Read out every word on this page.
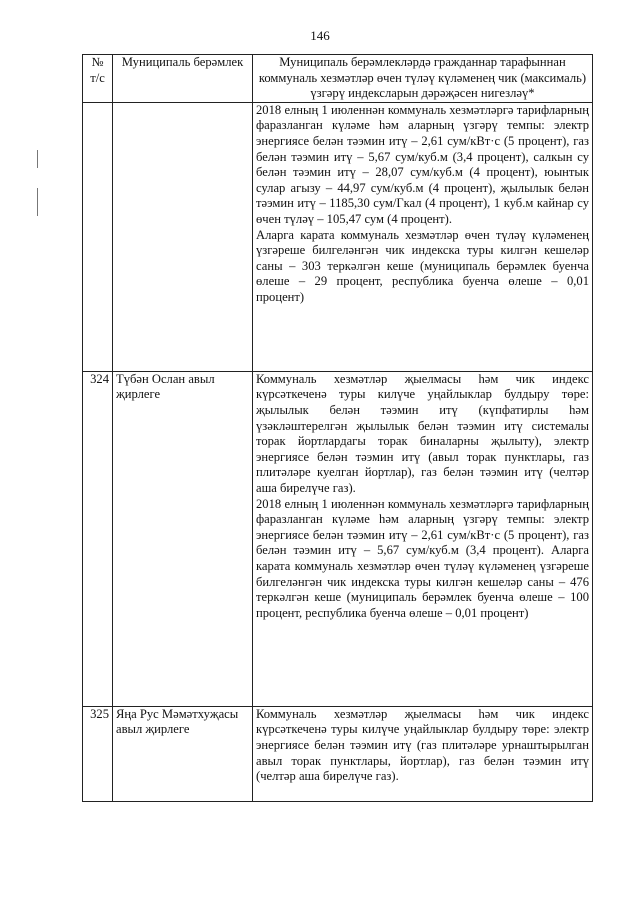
146
№ т/с	Муниципаль берәмлек	Муниципаль берәмлекләрдә гражданнар тарафыннан коммуналь хезмәтләр өчен түләү күләменең чик (максималь) үзгәрү индексларын дәрәҗәсен нигезләү*

		2018 елның 1 июленнән коммуналь хезмәтләргә тарифларның фаразланган күләме һәм аларның үзгәрү темпы: электр энергиясе белән тәэмин итү – 2,61 сум/кВт·с (5 процент), газ белән тәэмин итү – 5,67 сум/куб.м (3,4 процент), салкын су белән тәэмин итү – 28,07 сум/куб.м (4 процент), юынтык сулар агызу – 44,97 сум/куб.м (4 процент), җылылык белән тәэмин итү – 1185,30 сум/Гкал (4 процент), 1 куб.м кайнар су өчен түләү – 105,47 сум (4 процент).

Аларга карата коммуналь хезмәтләр өчен түләү күләменең үзгәреше билгеләнгән чик индекска туры килгән кешеләр саны – 303 теркәлгән кеше (муниципаль берәмлек буенча өлеше – 29 процент, республика буенча өлеше – 0,01 процент)

324	Түбән Ослан авыл җирлеге	Коммуналь хезмәтләр җыелмасы һәм чик индекс күрсәткеченә туры килүче уңайлыклар булдыру төре: җылылык белән тәэмин итү (күпфатирлы һәм үзәкләштерелгән җылылык белән тәэмин итү системалы торак йортлардагы торак биналарны җылыту), электр энергиясе белән тәэмин итү (авыл торак пунктлары, газ плитәләре куелган йортлар), газ белән тәэмин итү (челтәр аша бирелүче газ).

2018 елның 1 июленнән коммуналь хезмәтләргә тарифларның фаразланган күләме һәм аларның үзгәрү темпы: электр энергиясе белән тәэмин итү – 2,61 сум/кВт·с (5 процент), газ белән тәэмин итү – 5,67 сум/куб.м (3,4 процент). Аларга карата коммуналь хезмәтләр өчен түләү күләменең үзгәреше билгеләнгән чик индекска туры килгән кешеләр саны – 476 теркәлгән кеше (муниципаль берәмлек буенча өлеше – 100 процент, республика буенча өлеше – 0,01 процент)

325	Яңа Рус Мәмәтхуҗасы авыл җирлеге	Коммуналь хезмәтләр җыелмасы һәм чик индекс күрсәткеченә туры килүче уңайлыклар булдыру төре: электр энергиясе белән тәэмин итү (газ плитәләре урнаштырылган авыл торак пунктлары, йортлар), газ белән тәэмин итү (челтәр аша бирелүче газ).
